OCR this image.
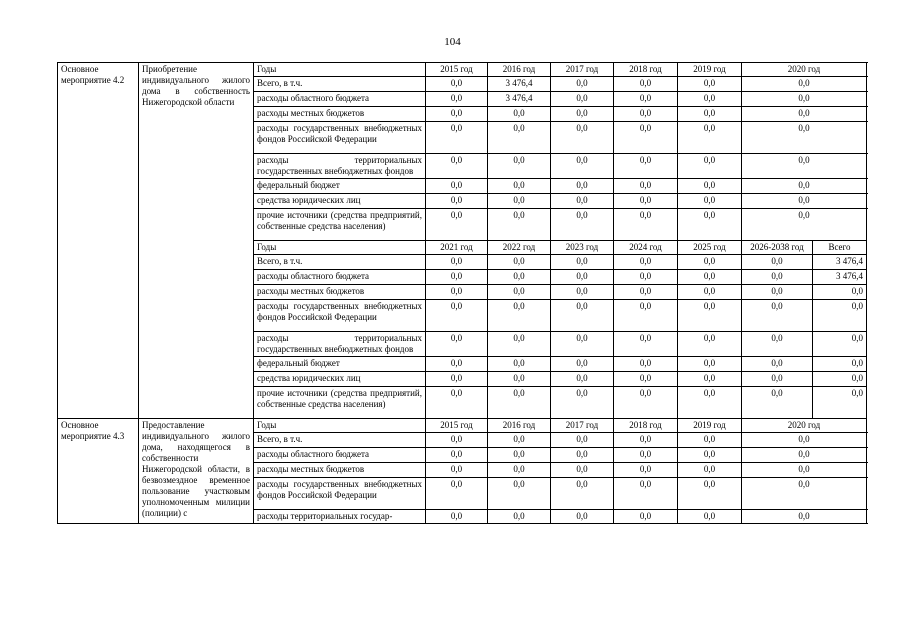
104
Основное мероприятие 4.2	Приобретение индивидуального жилого дома в собственность Нижегородской области	Годы	2015 год	2016 год	2017 год	2018 год	2019 год	2020 год	
		Всего, в т.ч.	0,0	3 476,4	0,0	0,0	0,0	0,0	
		расходы областного бюджета	0,0	3 476,4	0,0	0,0	0,0	0,0	
		расходы местных бюджетов	0,0	0,0	0,0	0,0	0,0	0,0	
		расходы государственных внебюджетных фондов Российской Федерации	0,0	0,0	0,0	0,0	0,0	0,0	
		расходы территориальных государственных внебюджетных фондов	0,0	0,0	0,0	0,0	0,0	0,0	
		федеральный бюджет	0,0	0,0	0,0	0,0	0,0	0,0	
		средства юридических лиц	0,0	0,0	0,0	0,0	0,0	0,0	
		прочие источники (средства предприятий, собственные средства населения)	0,0	0,0	0,0	0,0	0,0	0,0	
		Годы	2021 год	2022 год	2023 год	2024 год	2025 год	2026-2038 год	Всего
		Всего, в т.ч.	0,0	0,0	0,0	0,0	0,0	0,0	3 476,4
		расходы областного бюджета	0,0	0,0	0,0	0,0	0,0	0,0	3 476,4
		расходы местных бюджетов	0,0	0,0	0,0	0,0	0,0	0,0	0,0
		расходы государственных внебюджетных фондов Российской Федерации	0,0	0,0	0,0	0,0	0,0	0,0	0,0
		расходы территориальных государственных внебюджетных фондов	0,0	0,0	0,0	0,0	0,0	0,0	0,0
		федеральный бюджет	0,0	0,0	0,0	0,0	0,0	0,0	0,0
		средства юридических лиц	0,0	0,0	0,0	0,0	0,0	0,0	0,0
		прочие источники (средства предприятий, собственные средства населения)	0,0	0,0	0,0	0,0	0,0	0,0	0,0
Основное мероприятие 4.3	Предоставление индивидуального жилого дома, находящегося в собственности Нижегородской области, в безвозмездное временное пользование участковым уполномоченным милиции (полиции) с	Годы	2015 год	2016 год	2017 год	2018 год	2019 год	2020 год	
		Всего, в т.ч.	0,0	0,0	0,0	0,0	0,0	0,0	
		расходы областного бюджета	0,0	0,0	0,0	0,0	0,0	0,0	
		расходы местных бюджетов	0,0	0,0	0,0	0,0	0,0	0,0	
		расходы государственных внебюджетных фондов Российской Федерации	0,0	0,0	0,0	0,0	0,0	0,0	
		расходы территориальных государ-	0,0	0,0	0,0	0,0	0,0	0,0	
